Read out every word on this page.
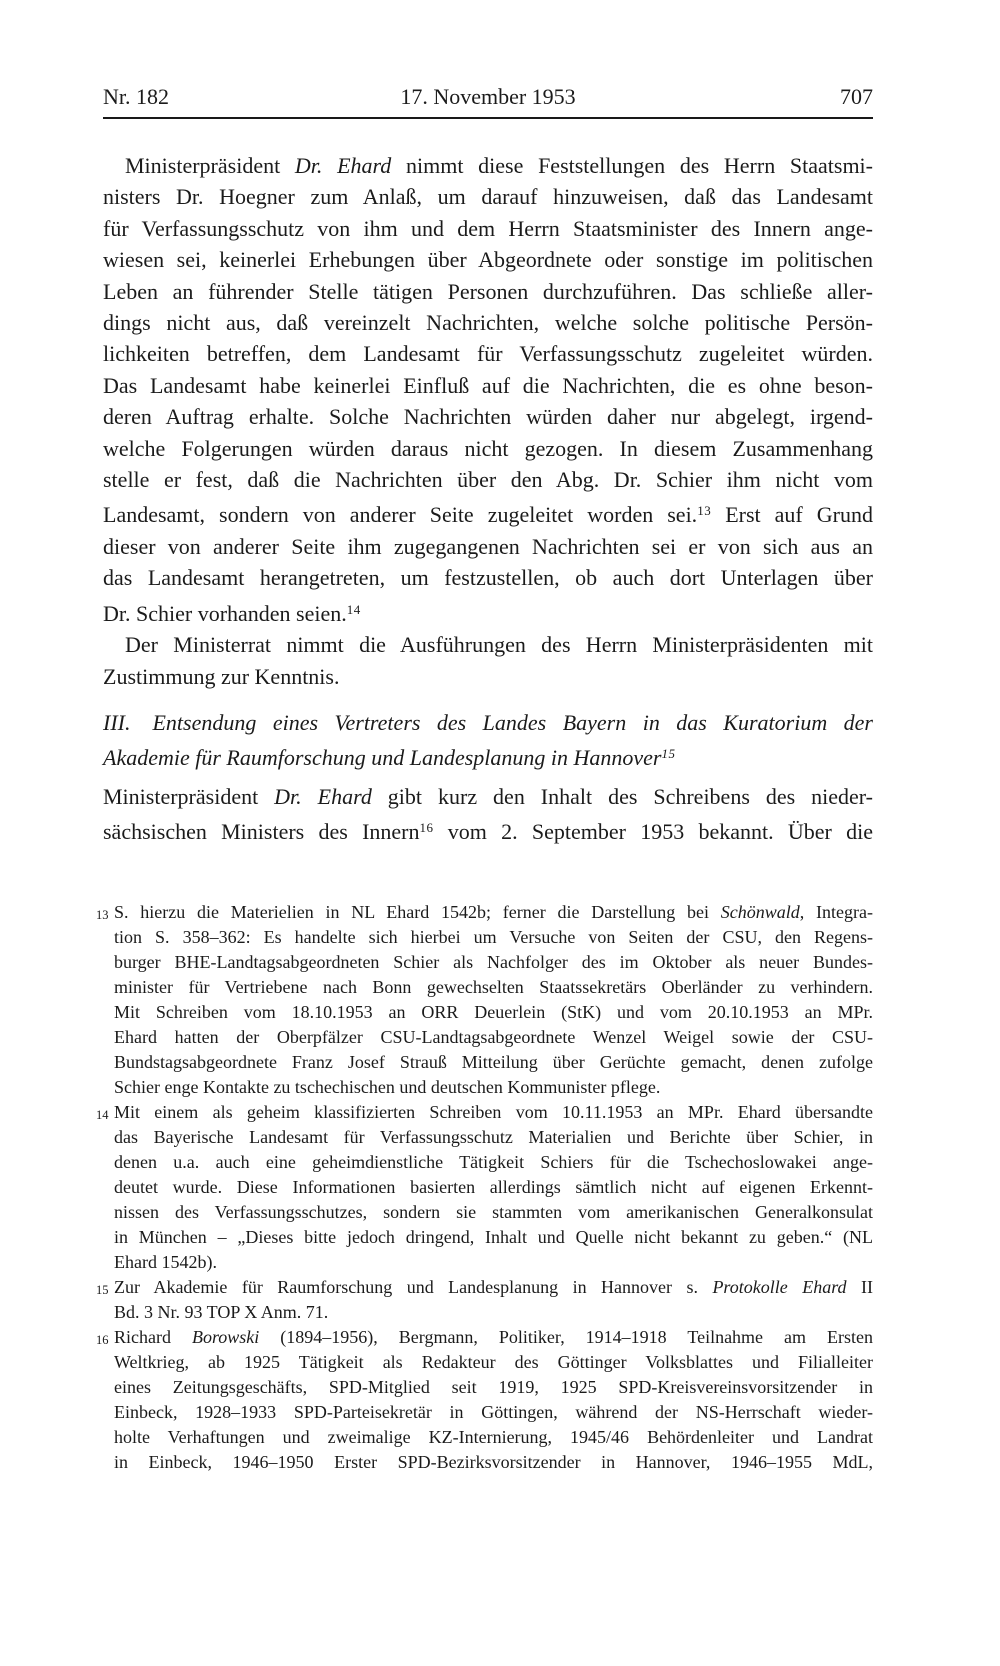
Nr. 182	17. November 1953	707
Ministerpräsident Dr. Ehard nimmt diese Feststellungen des Herrn Staatsmi-
nisters Dr. Hoegner zum Anlaß, um darauf hinzuweisen, daß das Landesamt
für Verfassungsschutz von ihm und dem Herrn Staatsminister des Innern ange-
wiesen sei, keinerlei Erhebungen über Abgeordnete oder sonstige im politischen
Leben an führender Stelle tätigen Personen durchzuführen. Das schließe aller-
dings nicht aus, daß vereinzelt Nachrichten, welche solche politische Persön-
lichkeiten betreffen, dem Landesamt für Verfassungsschutz zugeleitet würden.
Das Landesamt habe keinerlei Einfluß auf die Nachrichten, die es ohne beson-
deren Auftrag erhalte. Solche Nachrichten würden daher nur abgelegt, irgend-
welche Folgerungen würden daraus nicht gezogen. In diesem Zusammenhang
stelle er fest, daß die Nachrichten über den Abg. Dr. Schier ihm nicht vom
Landesamt, sondern von anderer Seite zugeleitet worden sei.$^{13}$ Erst auf Grund
dieser von anderer Seite ihm zugegangenen Nachrichten sei er von sich aus an
das Landesamt herangetreten, um festzustellen, ob auch dort Unterlagen über
Dr. Schier vorhanden seien.$^{14}$
Der Ministerrat nimmt die Ausführungen des Herrn Ministerpräsidenten mit
Zustimmung zur Kenntnis.
III.  Entsendung eines Vertreters des Landes Bayern in das Kuratorium der
Akademie für Raumforschung und Landesplanung in Hannover$^{15}$
Ministerpräsident Dr. Ehard gibt kurz den Inhalt des Schreibens des nieder-
sächsischen Ministers des Innern$^{16}$ vom 2. September 1953 bekannt. Über die
13 S. hierzu die Materielien in NL Ehard 1542b; ferner die Darstellung bei Schönwald, Integra-
tion S. 358–362: Es handelte sich hierbei um Versuche von Seiten der CSU, den Regens-
burger BHE-Landtagsabgeordneten Schier als Nachfolger des im Oktober als neuer Bundes-
minister für Vertriebene nach Bonn gewechselten Staatssekretärs Oberländer zu verhindern.
Mit Schreiben vom 18.10.1953 an ORR Deuerlein (StK) und vom 20.10.1953 an MPr.
Ehard hatten der Oberpfälzer CSU-Landtagsabgeordnete Wenzel Weigel sowie der CSU-
Bundstagsabgeordnete Franz Josef Strauß Mitteilung über Gerüchte gemacht, denen zufolge
Schier enge Kontakte zu tschechischen und deutschen Kommunister pflege.
14 Mit einem als geheim klassifizierten Schreiben vom 10.11.1953 an MPr. Ehard übersandte
das Bayerische Landesamt für Verfassungsschutz Materialien und Berichte über Schier, in
denen u.a. auch eine geheimdienstliche Tätigkeit Schiers für die Tschechoslowakei ange-
deutet wurde. Diese Informationen basierten allerdings sämtlich nicht auf eigenen Erkennt-
nissen des Verfassungsschutzes, sondern sie stammten vom amerikanischen Generalkonsulat
in München – „Dieses bitte jedoch dringend, Inhalt und Quelle nicht bekannt zu geben.“ (NL
Ehard 1542b).
15 Zur Akademie für Raumforschung und Landesplanung in Hannover s. Protokolle Ehard II
Bd. 3 Nr. 93 TOP X Anm. 71.
16 Richard Borowski (1894–1956), Bergmann, Politiker, 1914–1918 Teilnahme am Ersten
Weltkrieg, ab 1925 Tätigkeit als Redakteur des Göttinger Volksblattes und Filialleiter
eines Zeitungsgeschäfts, SPD-Mitglied seit 1919, 1925 SPD-Kreisvereinsvorsitzender in
Einbeck, 1928–1933 SPD-Parteisekretär in Göttingen, während der NS-Herrschaft wieder-
holte Verhaftungen und zweimalige KZ-Internierung, 1945/46 Behördenleiter und Landrat
in Einbeck, 1946–1950 Erster SPD-Bezirksvorsitzender in Hannover, 1946–1955 MdL,
